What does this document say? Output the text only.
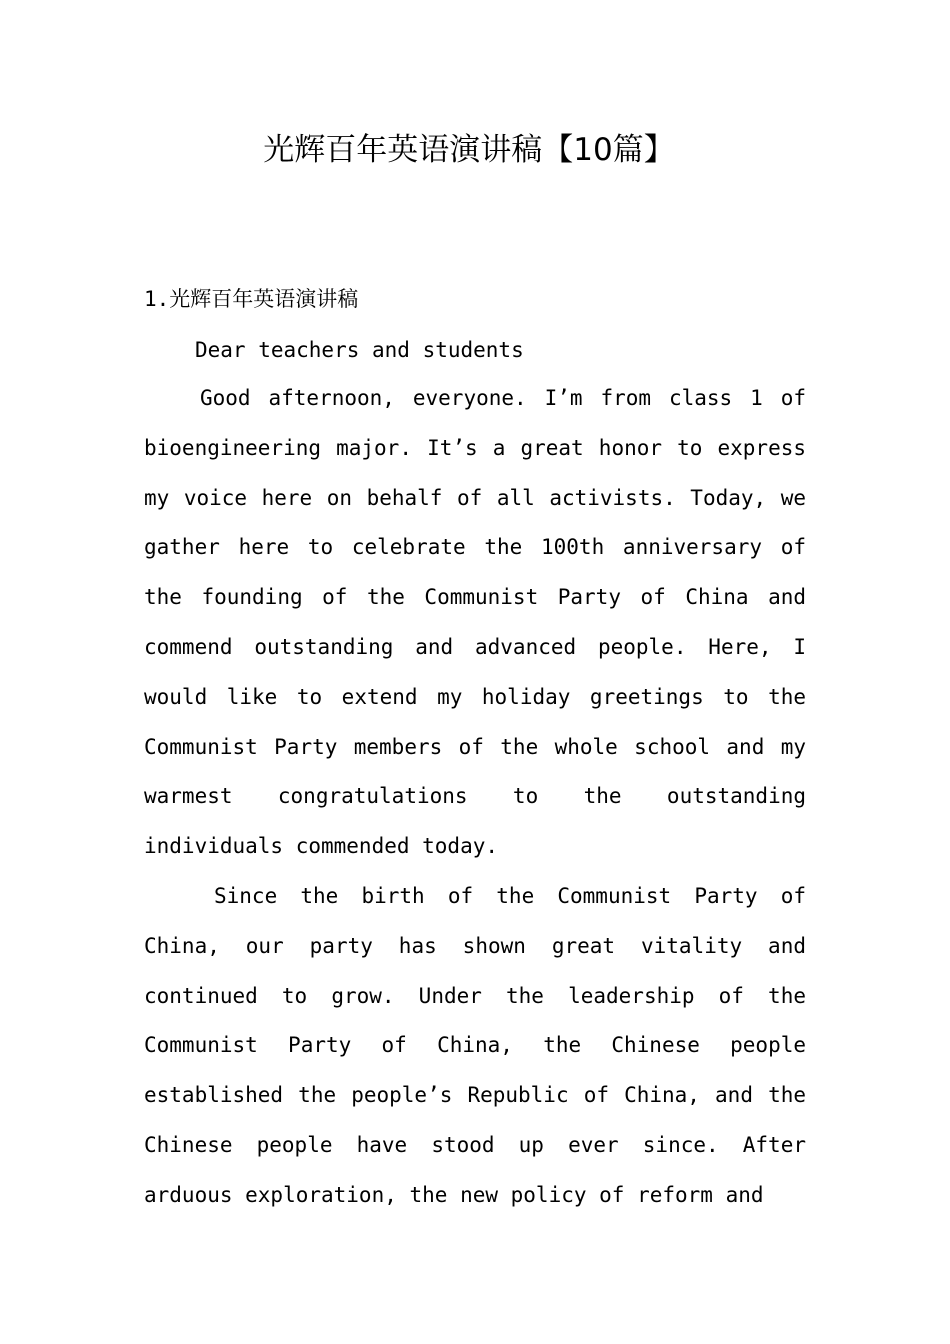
光辉百年英语演讲稿【10篇】
1.光辉百年英语演讲稿

Dear teachers and students

Good afternoon, everyone. I’m from class 1 of bioengineering major. It’s a great honor to express my voice here on behalf of all activists. Today, we gather here to celebrate the 100th anniversary of the founding of the Communist Party of China and commend outstanding and advanced people. Here, I would like to extend my holiday greetings to the Communist Party members of the whole school and my warmest congratulations to the outstanding individuals commended today.

Since the birth of the Communist Party of China, our party has shown great vitality and continued to grow. Under the leadership of the Communist Party of China, the Chinese people established the people’s Republic of China, and the Chinese people have stood up ever since. After arduous exploration, the new policy of reform and
